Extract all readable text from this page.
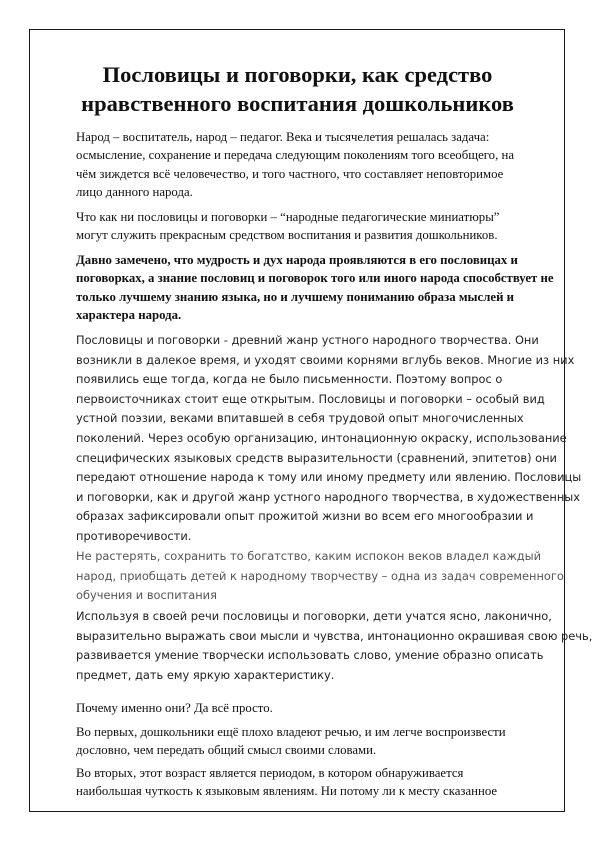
Пословицы и поговорки, как средство
нравственного воспитания дошкольников
Народ – воспитатель, народ – педагог. Века и тысячелетия решалась задача:
осмысление, сохранение и передача следующим поколениям того всеобщего, на
чём зиждется всё человечество, и того частного, что составляет неповторимое
лицо данного народа.
Что как ни пословицы и поговорки – “народные педагогические миниатюры”
могут служить прекрасным средством воспитания и развития дошкольников.
Давно замечено, что мудрость и дух народа проявляются в его пословицах и
поговорках, а знание пословиц и поговорок того или иного народа способствует не
только лучшему знанию языка, но и лучшему пониманию образа мыслей и
характера народа.
Пословицы и поговорки - древний жанр устного народного творчества. Они
возникли в далекое время, и уходят своими корнями вглубь веков. Многие из них
появились еще тогда, когда не было письменности. Поэтому вопрос о
первоисточниках стоит еще открытым. Пословицы и поговорки – особый вид
устной поэзии, веками впитавшей в себя трудовой опыт многочисленных
поколений. Через особую организацию, интонационную окраску, использование
специфических языковых средств выразительности (сравнений, эпитетов) они
передают отношение народа к тому или иному предмету или явлению. Пословицы
и поговорки, как и другой жанр устного народного творчества, в художественных
образах зафиксировали опыт прожитой жизни во всем его многообразии и
противоречивости.
Не растерять, сохранить то богатство, каким испокон веков владел каждый
народ, приобщать детей к народному творчеству – одна из задач современного
обучения и воспитания
Используя в своей речи пословицы и поговорки, дети учатся ясно, лаконично,
выразительно выражать свои мысли и чувства, интонационно окрашивая свою речь,
развивается умение творчески использовать слово, умение образно описать
предмет, дать ему яркую характеристику.
Почему именно они? Да всё просто.
Во первых, дошкольники ещё плохо владеют речью, и им легче воспроизвести
дословно, чем передать общий смысл своими словами.
Во вторых, этот возраст является периодом, в котором обнаруживается
наибольшая чуткость к языковым явлениям. Ни потому ли к месту сказанное
